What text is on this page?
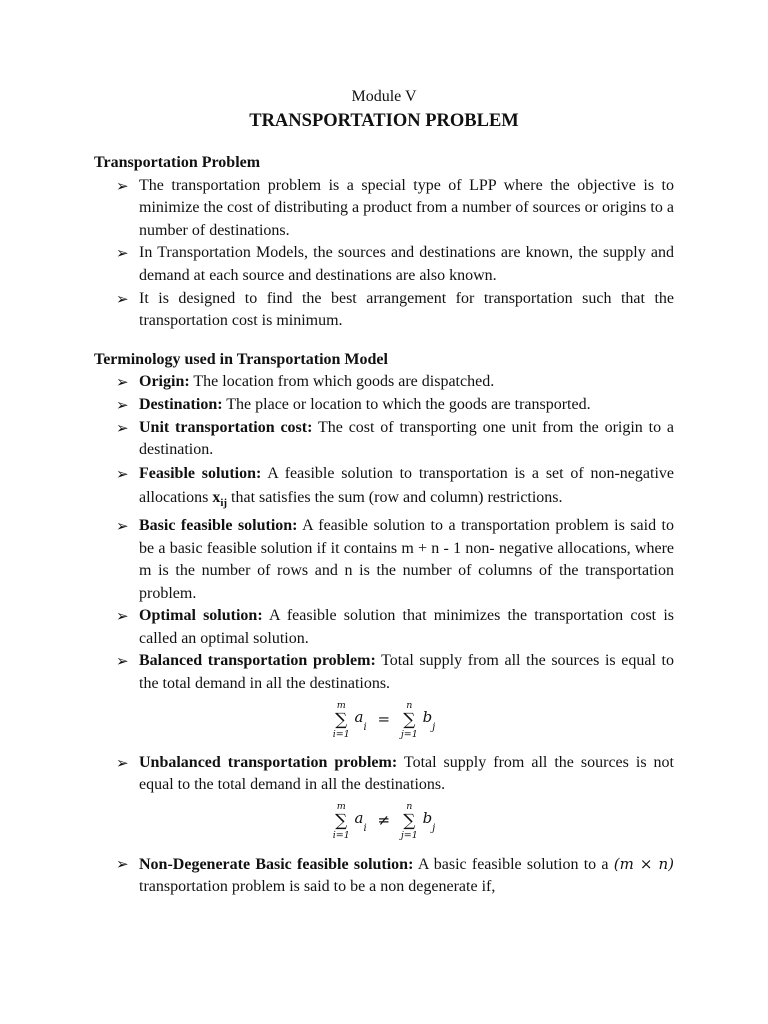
Module V

TRANSPORTATION PROBLEM

Transportation Problem

➢ The transportation problem is a special type of LPP where the objective is to minimize the cost of distributing a product from a number of sources or origins to a number of destinations.
➢ In Transportation Models, the sources and destinations are known, the supply and demand at each source and destinations are also known.
➢ It is designed to find the best arrangement for transportation such that the transportation cost is minimum.

Terminology used in Transportation Model

➢ Origin: The location from which goods are dispatched.
➢ Destination: The place or location to which the goods are transported.
➢ Unit transportation cost: The cost of transporting one unit from the origin to a destination.
➢ Feasible solution: A feasible solution to transportation is a set of non-negative allocations $x_{ij}$ that satisfies the sum (row and column) restrictions.
➢ Basic feasible solution: A feasible solution to a transportation problem is said to be a basic feasible solution if it contains m + n - 1 non- negative allocations, where m is the number of rows and n is the number of columns of the transportation problem.
➢ Optimal solution: A feasible solution that minimizes the transportation cost is called an optimal solution.
➢ Balanced transportation problem: Total supply from all the sources is equal to the total demand in all the destinations.
m
∑
i=1
$a_i$ =
n
∑
j=1
$b_j$
➢ Unbalanced transportation problem: Total supply from all the sources is not equal to the total demand in all the destinations.
m
∑
i=1
$a_i$ ≠
n
∑
j=1
$b_j$
➢ Non-Degenerate Basic feasible solution: A basic feasible solution to a (m × n) transportation problem is said to be a non degenerate if,
